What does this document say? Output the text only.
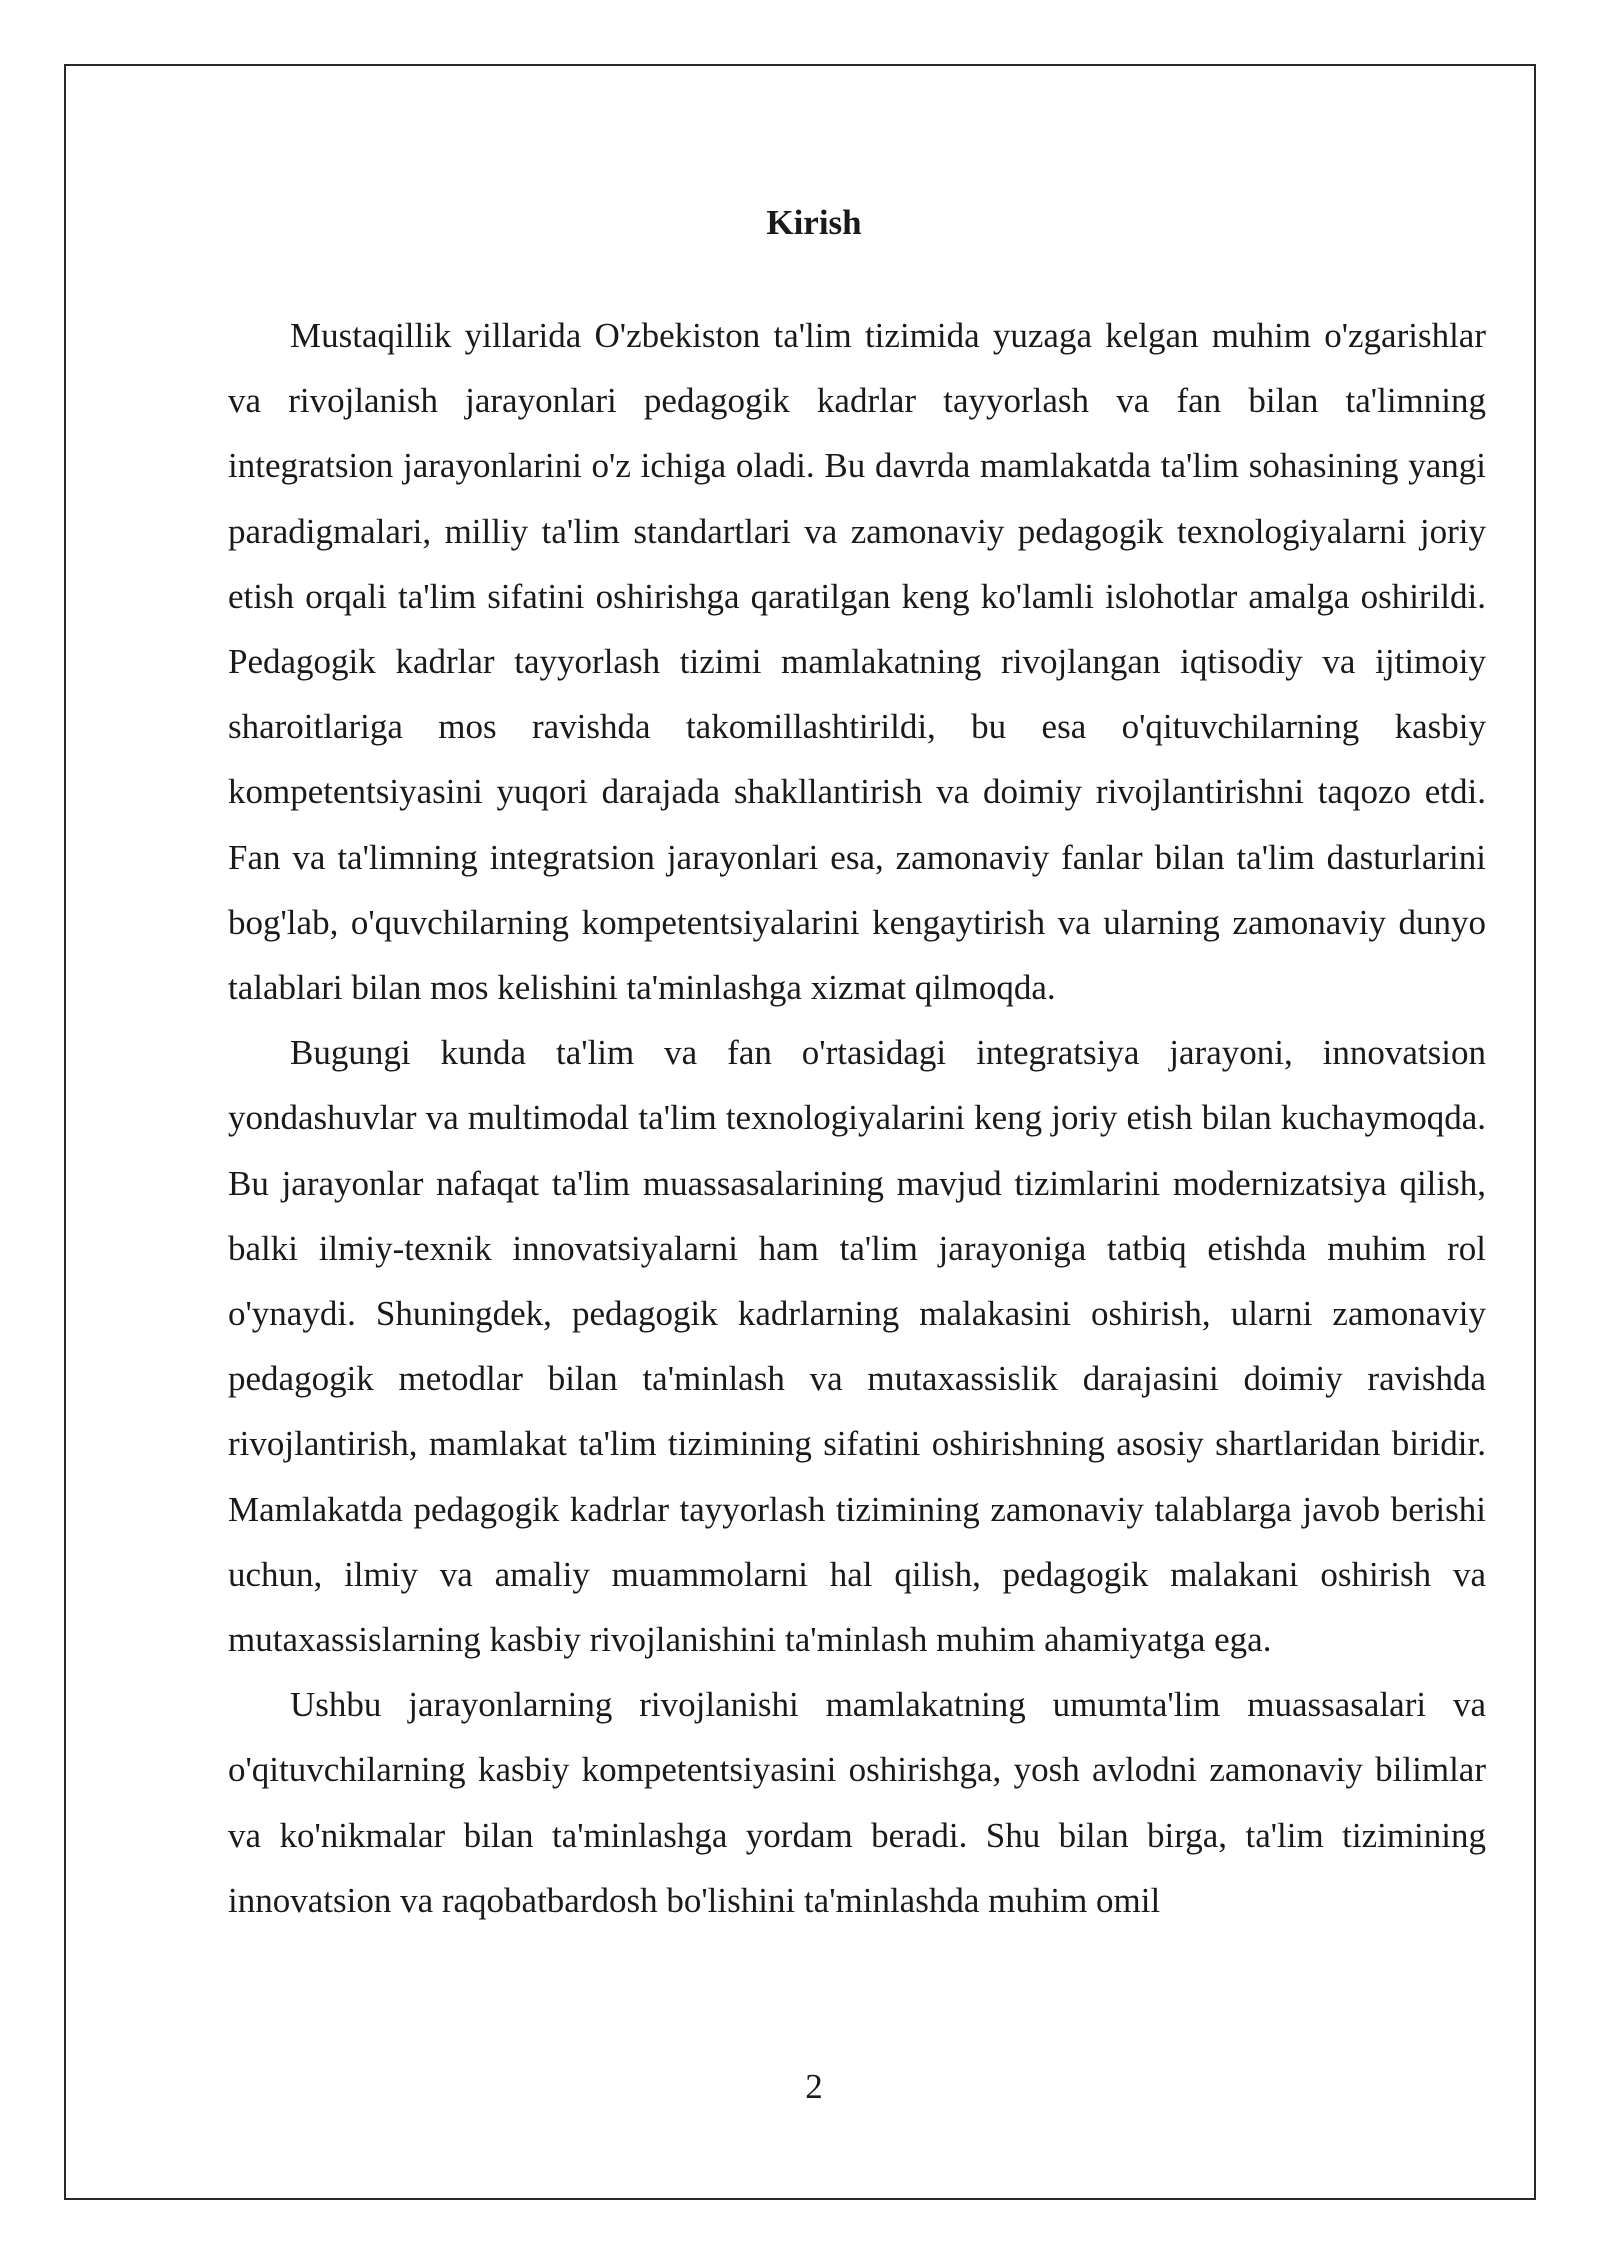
Kirish

Mustaqillik yillarida O'zbekiston ta'lim tizimida yuzaga kelgan muhim o'zgarishlar va rivojlanish jarayonlari pedagogik kadrlar tayyorlash va fan bilan ta'limning integratsion jarayonlarini o'z ichiga oladi. Bu davrda mamlakatda ta'lim sohasining yangi paradigmalari, milliy ta'lim standartlari va zamonaviy pedagogik texnologiyalarni joriy etish orqali ta'lim sifatini oshirishga qaratilgan keng ko'lamli islohotlar amalga oshirildi. Pedagogik kadrlar tayyorlash tizimi mamlakatning rivojlangan iqtisodiy va ijtimoiy sharoitlariga mos ravishda takomillashtirildi, bu esa o'qituvchilarning kasbiy kompetentsiyasini yuqori darajada shakllantirish va doimiy rivojlantirishni taqozo etdi. Fan va ta'limning integratsion jarayonlari esa, zamonaviy fanlar bilan ta'lim dasturlarini bog'lab, o'quvchilarning kompetentsiyalarini kengaytirish va ularning zamonaviy dunyo talablari bilan mos kelishini ta'minlashga xizmat qilmoqda.

Bugungi kunda ta'lim va fan o'rtasidagi integratsiya jarayoni, innovatsion yondashuvlar va multimodal ta'lim texnologiyalarini keng joriy etish bilan kuchaymoqda. Bu jarayonlar nafaqat ta'lim muassasalarining mavjud tizimlarini modernizatsiya qilish, balki ilmiy-texnik innovatsiyalarni ham ta'lim jarayoniga tatbiq etishda muhim rol o'ynaydi. Shuningdek, pedagogik kadrlarning malakasini oshirish, ularni zamonaviy pedagogik metodlar bilan ta'minlash va mutaxassislik darajasini doimiy ravishda rivojlantirish, mamlakat ta'lim tizimining sifatini oshirishning asosiy shartlaridan biridir. Mamlakatda pedagogik kadrlar tayyorlash tizimining zamonaviy talablarga javob berishi uchun, ilmiy va amaliy muammolarni hal qilish, pedagogik malakani oshirish va mutaxassislarning kasbiy rivojlanishini ta'minlash muhim ahamiyatga ega.

Ushbu jarayonlarning rivojlanishi mamlakatning umumta'lim muassasalari va o'qituvchilarning kasbiy kompetentsiyasini oshirishga, yosh avlodni zamonaviy bilimlar va ko'nikmalar bilan ta'minlashga yordam beradi. Shu bilan birga, ta'lim tizimining innovatsion va raqobatbardosh bo'lishini ta'minlashda muhim omil

2
